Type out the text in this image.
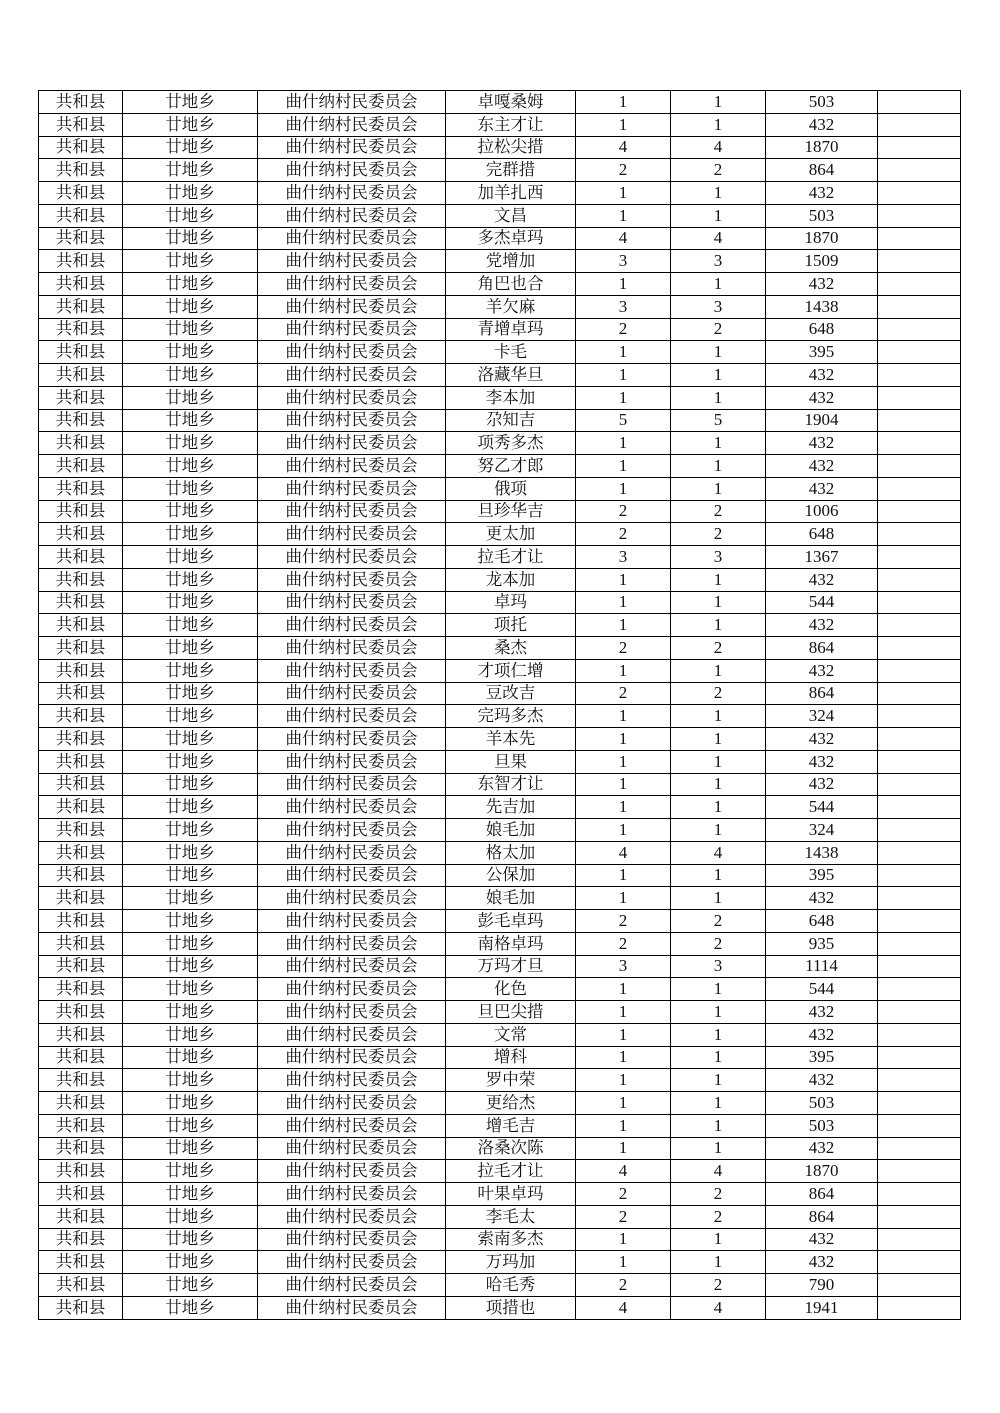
共和县	廿地乡	曲什纳村民委员会	卓嘎桑姆	1	1	503	
共和县	廿地乡	曲什纳村民委员会	东主才让	1	1	432	
共和县	廿地乡	曲什纳村民委员会	拉松尖措	4	4	1870	
共和县	廿地乡	曲什纳村民委员会	完群措	2	2	864	
共和县	廿地乡	曲什纳村民委员会	加羊扎西	1	1	432	
共和县	廿地乡	曲什纳村民委员会	文昌	1	1	503	
共和县	廿地乡	曲什纳村民委员会	多杰卓玛	4	4	1870	
共和县	廿地乡	曲什纳村民委员会	党增加	3	3	1509	
共和县	廿地乡	曲什纳村民委员会	角巴也合	1	1	432	
共和县	廿地乡	曲什纳村民委员会	羊欠麻	3	3	1438	
共和县	廿地乡	曲什纳村民委员会	青增卓玛	2	2	648	
共和县	廿地乡	曲什纳村民委员会	卡毛	1	1	395	
共和县	廿地乡	曲什纳村民委员会	洛藏华旦	1	1	432	
共和县	廿地乡	曲什纳村民委员会	李本加	1	1	432	
共和县	廿地乡	曲什纳村民委员会	尕知吉	5	5	1904	
共和县	廿地乡	曲什纳村民委员会	项秀多杰	1	1	432	
共和县	廿地乡	曲什纳村民委员会	努乙才郎	1	1	432	
共和县	廿地乡	曲什纳村民委员会	俄项	1	1	432	
共和县	廿地乡	曲什纳村民委员会	旦珍华吉	2	2	1006	
共和县	廿地乡	曲什纳村民委员会	更太加	2	2	648	
共和县	廿地乡	曲什纳村民委员会	拉毛才让	3	3	1367	
共和县	廿地乡	曲什纳村民委员会	龙本加	1	1	432	
共和县	廿地乡	曲什纳村民委员会	卓玛	1	1	544	
共和县	廿地乡	曲什纳村民委员会	项托	1	1	432	
共和县	廿地乡	曲什纳村民委员会	桑杰	2	2	864	
共和县	廿地乡	曲什纳村民委员会	才项仁增	1	1	432	
共和县	廿地乡	曲什纳村民委员会	豆改吉	2	2	864	
共和县	廿地乡	曲什纳村民委员会	完玛多杰	1	1	324	
共和县	廿地乡	曲什纳村民委员会	羊本先	1	1	432	
共和县	廿地乡	曲什纳村民委员会	旦果	1	1	432	
共和县	廿地乡	曲什纳村民委员会	东智才让	1	1	432	
共和县	廿地乡	曲什纳村民委员会	先吉加	1	1	544	
共和县	廿地乡	曲什纳村民委员会	娘毛加	1	1	324	
共和县	廿地乡	曲什纳村民委员会	格太加	4	4	1438	
共和县	廿地乡	曲什纳村民委员会	公保加	1	1	395	
共和县	廿地乡	曲什纳村民委员会	娘毛加	1	1	432	
共和县	廿地乡	曲什纳村民委员会	彭毛卓玛	2	2	648	
共和县	廿地乡	曲什纳村民委员会	南格卓玛	2	2	935	
共和县	廿地乡	曲什纳村民委员会	万玛才旦	3	3	1114	
共和县	廿地乡	曲什纳村民委员会	化色	1	1	544	
共和县	廿地乡	曲什纳村民委员会	旦巴尖措	1	1	432	
共和县	廿地乡	曲什纳村民委员会	文常	1	1	432	
共和县	廿地乡	曲什纳村民委员会	增科	1	1	395	
共和县	廿地乡	曲什纳村民委员会	罗中荣	1	1	432	
共和县	廿地乡	曲什纳村民委员会	更给杰	1	1	503	
共和县	廿地乡	曲什纳村民委员会	增毛吉	1	1	503	
共和县	廿地乡	曲什纳村民委员会	洛桑次陈	1	1	432	
共和县	廿地乡	曲什纳村民委员会	拉毛才让	4	4	1870	
共和县	廿地乡	曲什纳村民委员会	叶果卓玛	2	2	864	
共和县	廿地乡	曲什纳村民委员会	李毛太	2	2	864	
共和县	廿地乡	曲什纳村民委员会	索南多杰	1	1	432	
共和县	廿地乡	曲什纳村民委员会	万玛加	1	1	432	
共和县	廿地乡	曲什纳村民委员会	哈毛秀	2	2	790	
共和县	廿地乡	曲什纳村民委员会	项措也	4	4	1941	
